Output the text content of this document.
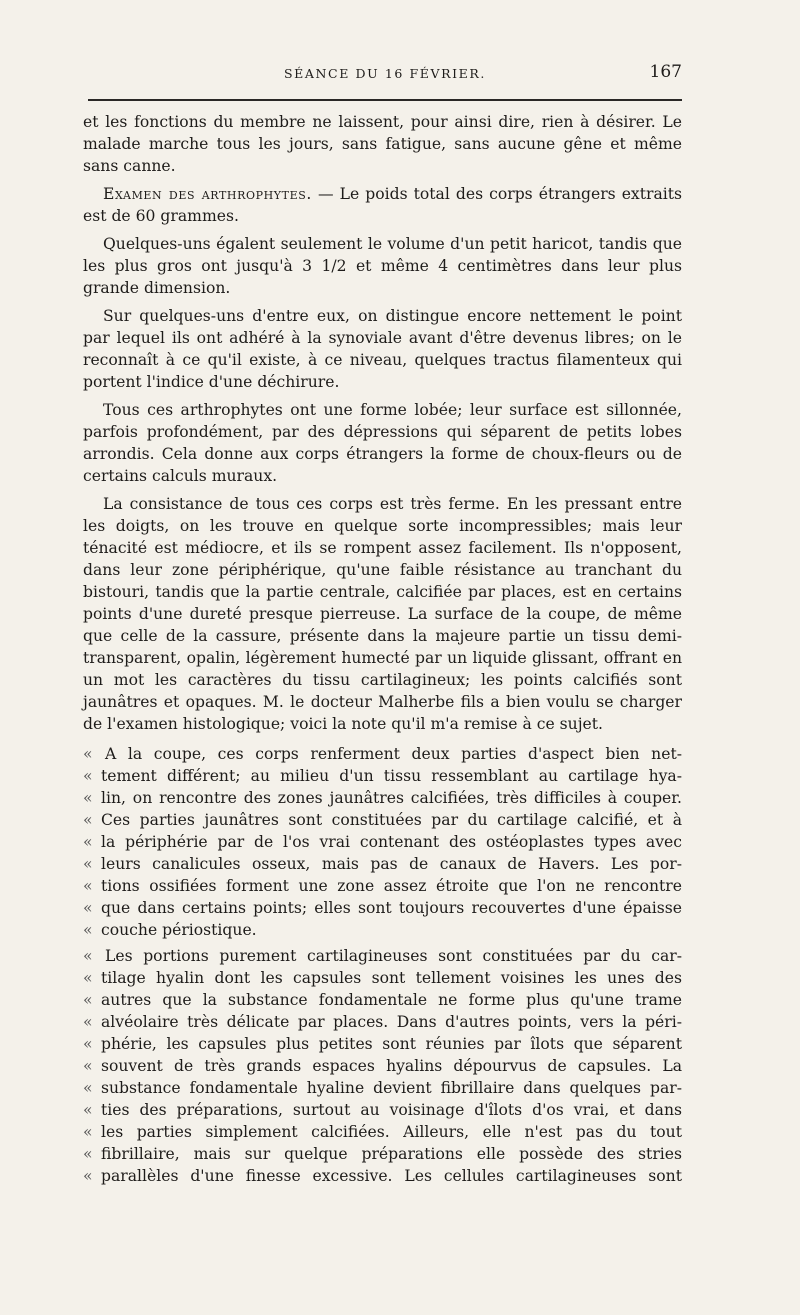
SÉANCE DU 16 FÉVRIER.	167

et les fonctions du membre ne laissent, pour ainsi dire, rien à désirer. Le malade marche tous les jours, sans fatigue, sans aucune gêne et même sans canne.

Examen des arthrophytes. — Le poids total des corps étrangers extraits est de 60 grammes.

Quelques-uns égalent seulement le volume d'un petit haricot, tandis que les plus gros ont jusqu'à 3 1/2 et même 4 centimètres dans leur plus grande dimension.

Sur quelques-uns d'entre eux, on distingue encore nettement le point par lequel ils ont adhéré à la synoviale avant d'être devenus libres; on le reconnaît à ce qu'il existe, à ce niveau, quelques tractus filamenteux qui portent l'indice d'une déchirure.

Tous ces arthrophytes ont une forme lobée; leur surface est sillonnée, parfois profondément, par des dépressions qui séparent de petits lobes arrondis. Cela donne aux corps étrangers la forme de choux-fleurs ou de certains calculs muraux.

La consistance de tous ces corps est très ferme. En les pressant entre les doigts, on les trouve en quelque sorte incompressibles; mais leur ténacité est médiocre, et ils se rompent assez facilement. Ils n'opposent, dans leur zone périphérique, qu'une faible résistance au tranchant du bistouri, tandis que la partie centrale, calcifiée par places, est en certains points d'une dureté presque pierreuse. La surface de la coupe, de même que celle de la cassure, présente dans la majeure partie un tissu demi-transparent, opalin, légèrement humecté par un liquide glissant, offrant en un mot les caractères du tissu cartilagineux; les points calcifiés sont jaunâtres et opaques. M. le docteur Malherbe fils a bien voulu se charger de l'examen histologique; voici la note qu'il m'a remise à ce sujet.

« A la coupe, ces corps renferment deux parties d'aspect bien net-
« tement différent; au milieu d'un tissu ressemblant au cartilage hya-
« lin, on rencontre des zones jaunâtres calcifiées, très difficiles à couper.
« Ces parties jaunâtres sont constituées par du cartilage calcifié, et à
« la périphérie par de l'os vrai contenant des ostéoplastes types avec
« leurs canalicules osseux, mais pas de canaux de Havers. Les por-
« tions ossifiées forment une zone assez étroite que l'on ne rencontre
« que dans certains points; elles sont toujours recouvertes d'une épaisse
« couche périostique.
« Les portions purement cartilagineuses sont constituées par du car-
« tilage hyalin dont les capsules sont tellement voisines les unes des
« autres que la substance fondamentale ne forme plus qu'une trame
« alvéolaire très délicate par places. Dans d'autres points, vers la péri-
« phérie, les capsules plus petites sont réunies par îlots que séparent
« souvent de très grands espaces hyalins dépourvus de capsules. La
« substance fondamentale hyaline devient fibrillaire dans quelques par-
« ties des préparations, surtout au voisinage d'îlots d'os vrai, et dans
« les parties simplement calcifiées. Ailleurs, elle n'est pas du tout
« fibrillaire, mais sur quelque préparations elle possède des stries
« parallèles d'une finesse excessive. Les cellules cartilagineuses sont
